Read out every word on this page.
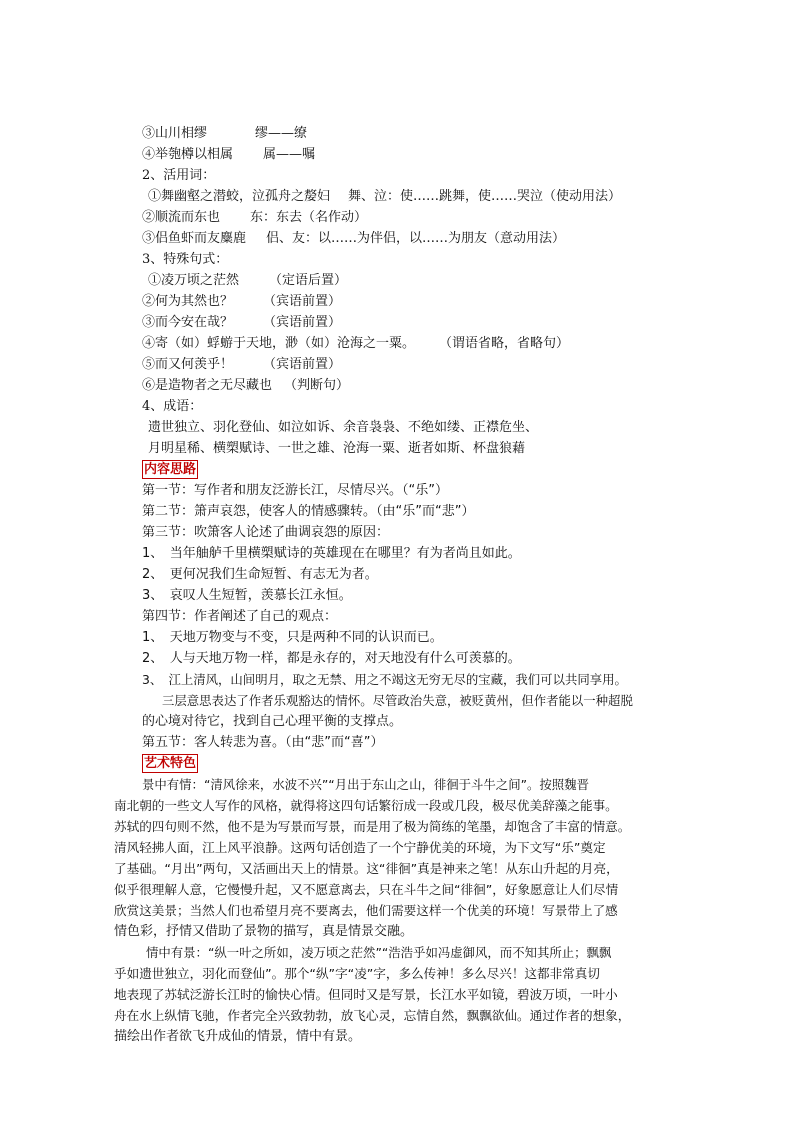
③山川相缪	缪——缭
④举匏樽以相属 属——嘱
2、活用词：
①舞幽壑之潜蛟，泣孤舟之嫠妇 舞、泣：使……跳舞，使……哭泣（使动用法）
②顺流而东也 东：东去（名作动）
③侣鱼虾而友麋鹿 侣、友：以……为伴侣，以……为朋友（意动用法）
3、特殊句式：
①凌万顷之茫然 （定语后置）
②何为其然也？ （宾语前置）
③而今安在哉？ （宾语前置）
④寄（如）蜉蝣于天地，渺（如）沧海之一粟。 （谓语省略，省略句）
⑤而又何羡乎！ （宾语前置）
⑥是造物者之无尽藏也 （判断句）
4、成语：
遗世独立、羽化登仙、如泣如诉、余音袅袅、不绝如缕、正襟危坐、
月明星稀、横槊赋诗、一世之雄、沧海一粟、逝者如斯、杯盘狼藉
内容思路
第一节：写作者和朋友泛游长江，尽情尽兴。（“乐”）
第二节：箫声哀怨，使客人的情感骤转。（由“乐”而“悲”）
第三节：吹箫客人论述了曲调哀怨的原因：
1、　当年舳舻千里横槊赋诗的英雄现在在哪里？有为者尚且如此。
2、　更何况我们生命短暂、有志无为者。
3、　哀叹人生短暂，羡慕长江永恒。
第四节：作者阐述了自己的观点：
1、　天地万物变与不变，只是两种不同的认识而已。
2、　人与天地万物一样，都是永存的，对天地没有什么可羡慕的。
3、　江上清风，山间明月，取之无禁、用之不竭这无穷无尽的宝藏，我们可以共同享用。
三层意思表达了作者乐观豁达的情怀。尽管政治失意，被贬黄州，但作者能以一种超脱
的心境对待它，找到自己心理平衡的支撑点。
第五节：客人转悲为喜。（由“悲”而“喜”）
艺术特色
景中有情：“清风徐来，水波不兴”“月出于东山之山，徘徊于斗牛之间”。按照魏晋
南北朝的一些文人写作的风格，就得将这四句话繁衍成一段或几段，极尽优美辞藻之能事。
苏轼的四句则不然，他不是为写景而写景，而是用了极为简练的笔墨，却饱含了丰富的情意。
清风轻拂人面，江上风平浪静。这两句话创造了一个宁静优美的环境，为下文写“乐”奠定
了基础。“月出”两句，又活画出天上的情景。这“徘徊”真是神来之笔！从东山升起的月亮，
似乎很理解人意，它慢慢升起，又不愿意离去，只在斗牛之间“徘徊”，好象愿意让人们尽情
欣赏这美景；当然人们也希望月亮不要离去，他们需要这样一个优美的环境！写景带上了感
情色彩，抒情又借助了景物的描写，真是情景交融。
情中有景：“纵一叶之所如，凌万顷之茫然”“浩浩乎如冯虚御风，而不知其所止；飘飘
乎如遗世独立，羽化而登仙”。那个“纵”字“凌”字，多么传神！多么尽兴！这都非常真切
地表现了苏轼泛游长江时的愉快心情。但同时又是写景，长江水平如镜，碧波万顷，一叶小
舟在水上纵情飞驰，作者完全兴致勃勃，放飞心灵，忘情自然，飘飘欲仙。通过作者的想象，
描绘出作者欲飞升成仙的情景，情中有景。
